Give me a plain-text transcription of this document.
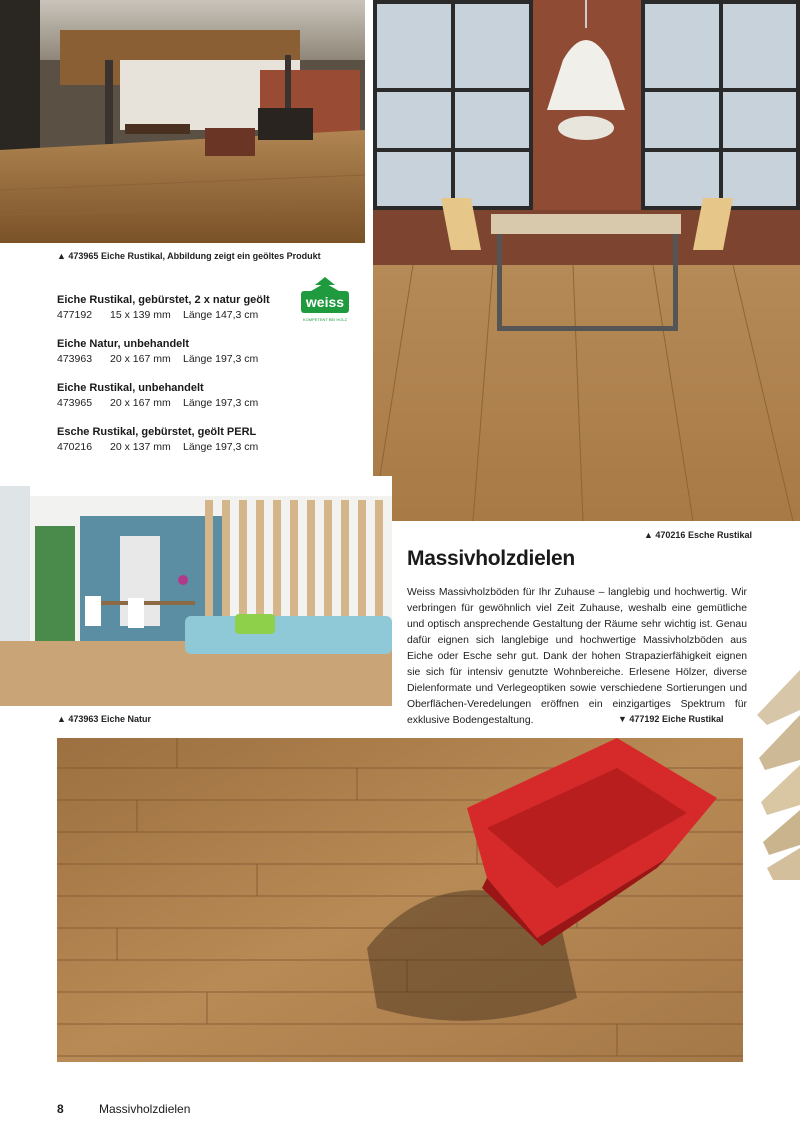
▲ 473965 Eiche Rustikal, Abbildung zeigt ein geöltes Produkt
▲ 470216 Esche Rustikal
Eiche Rustikal, gebürstet, 2 x natur geölt
477192	15 x 139 mm	Länge 147,3 cm
Eiche Natur, unbehandelt
473963	20 x 167 mm	Länge 197,3 cm
Eiche Rustikal, unbehandelt
473965	20 x 167 mm	Länge 197,3 cm
Esche Rustikal, gebürstet, geölt PERL
470216	20 x 137 mm	Länge 197,3 cm
weiss
KOMPETENT BEI HOLZ
▲ 473963 Eiche Natur
Massivholzdielen
Weiss Massivholzböden für Ihr Zuhause – langlebig und hochwertig. Wir verbringen für gewöhnlich viel Zeit Zuhause, weshalb eine gemütliche und optisch ansprechende Gestaltung der Räume sehr wichtig ist. Genau dafür eignen sich langlebige und hochwertige Massivholzböden aus Eiche oder Esche sehr gut. Dank der hohen Strapazierfähigkeit eignen sie sich für intensiv genutzte Wohnbereiche. Erlesene Hölzer, diverse Dielenformate und Verlegeoptiken sowie verschiedene Sortierungen und Oberflächen-Veredelungen eröffnen ein einzigartiges Spektrum für exklusive Bodengestaltung.	▼ 477192 Eiche Rustikal
8	Massivholzdielen
